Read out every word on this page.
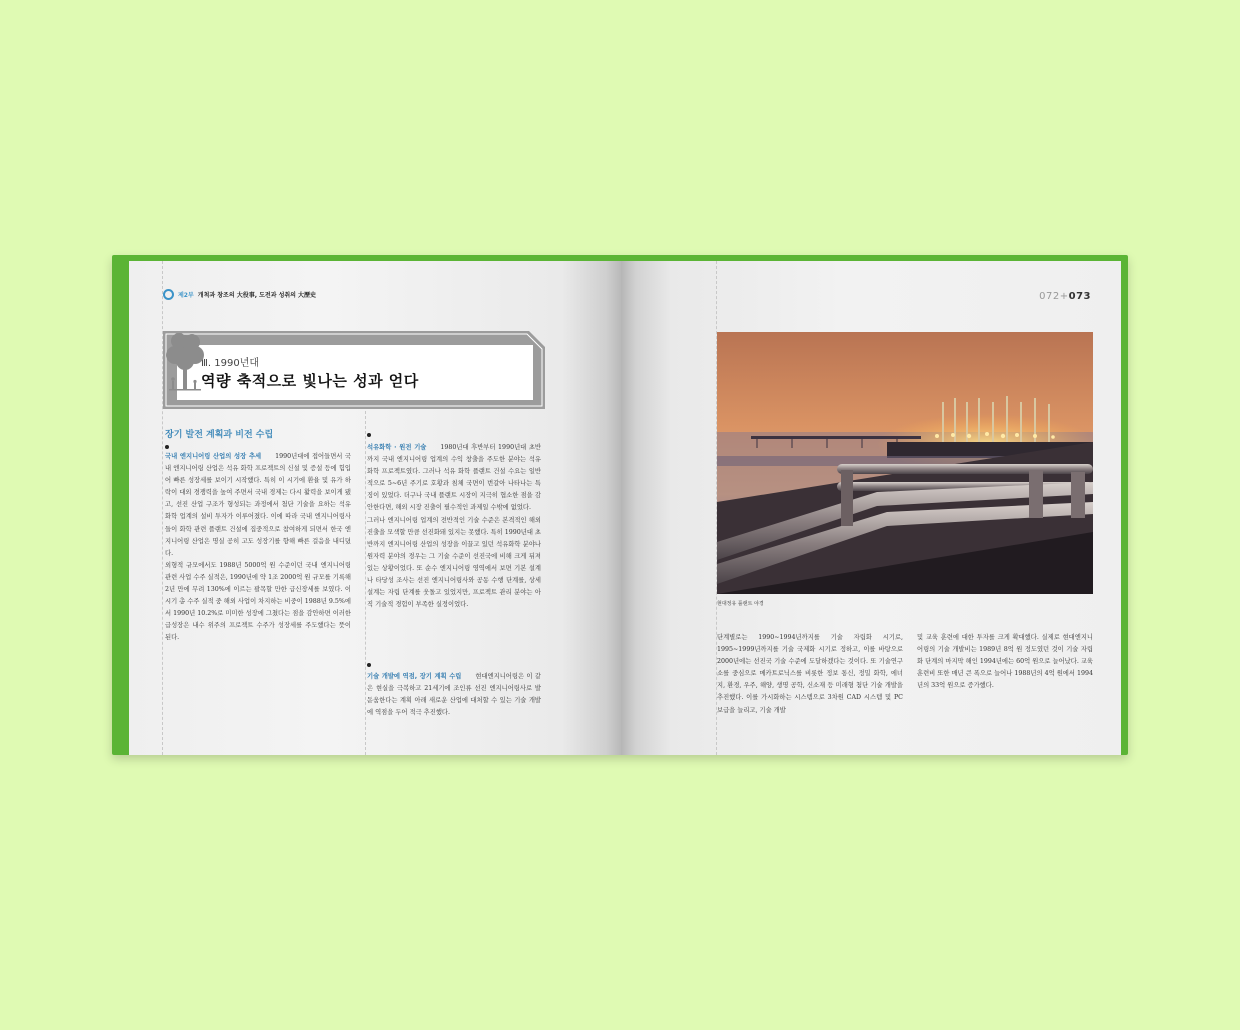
제2부 개척과 창조의 大役事, 도전과 성취의 大歷史
Ⅲ. 1990년대
역량 축적으로 빛나는 성과 얻다
장기 발전 계획과 비전 수립

국내 엔지니어링 산업의 성장 추세 1990년대에 접어들면서 국내 엔지니어링 산업은 석유 화학 프로젝트의 신설 및 증설 등에 힘입어 빠른 성장세를 보이기 시작했다. 특히 이 시기에 환율 및 유가 하락이 대외 경쟁력을 높여 주면서 국내 경제는 다시 활력을 보이게 됐고, 선진 산업 구조가 형성되는 과정에서 첨단 기술을 요하는 석유 화학 업계의 설비 투자가 이루어졌다. 이에 따라 국내 엔지니어링사들이 화학 관련 플랜트 건설에 집중적으로 참여하게 되면서 한국 엔지니어링 산업은 명실 공히 고도 성장기를 향해 빠른 걸음을 내디뎠다.

외형적 규모에서도 1988년 5000억 원 수준이던 국내 엔지니어링 관련 사업 수주 실적은, 1990년에 약 1조 2000억 원 규모를 기록해 2년 만에 무려 130%에 이르는 괄목할 만한 급신장세를 보였다. 이 시기 총 수주 실적 중 해외 사업이 차지하는 비중이 1988년 9.5%에서 1990년 10.2%로 미미한 성장에 그쳤다는 점을 감안하면 이러한 급성장은 내수 위주의 프로젝트 수주가 성장세를 주도했다는 뜻이 된다.

석유화학 · 원전 기술 1980년대 후반부터 1990년대 초반까지 국내 엔지니어링 업계의 수익 창출을 주도한 분야는 석유화학 프로젝트였다. 그러나 석유 화학 플랜트 건설 수요는 일반적으로 5~6년 주기로 호황과 침체 국면이 번갈아 나타나는 특징이 있었다. 더구나 국내 플랜트 시장이 지극히 협소한 점을 감안한다면, 해외 시장 진출이 필수적인 과제일 수밖에 없었다.

그러나 엔지니어링 업계의 전반적인 기술 수준은 본격적인 해외 진출을 모색할 만큼 선진화돼 있지는 못했다. 특히 1990년대 초반까지 엔지니어링 산업의 성장을 이끌고 있던 석유화학 분야나 원자력 분야의 경우는 그 기술 수준이 선진국에 비해 크게 뒤져 있는 상황이었다. 또 순수 엔지니어링 영역에서 보면 기본 설계나 타당성 조사는 선진 엔지니어링사와 공동 수행 단계를, 상세 설계는 자립 단계를 웃돌고 있었지만, 프로젝트 관리 분야는 아직 기술적 경험이 부족한 실정이었다.

기술 개발에 역점, 장기 계획 수립 현대엔지니어링은 이 같은 현실을 극복하고 21세기에 조인류 선진 엔지니어링사로 발돋움한다는 계획 아래 새로운 산업에 대처할 수 있는 기술 개발에 역점을 두어 적극 추진했다.

072+073
현대정유 플랜트 야경

단계별로는 1990~1994년까지를 기술 자립화 시기로, 1995~1999년까지를 기술 국제화 시기로 정하고, 이를 바탕으로 2000년에는 선진국 기술 수준에 도달하겠다는 것이다. 또 기술연구소를 중심으로 메카트로닉스를 비롯한 정보 통신, 정밀 화학, 에너지, 환경, 우주, 해양, 생명 공학, 신소재 등 미래형 첨단 기술 개발을 추진했다. 이를 가시화하는 시스템으로 3차원 CAD 시스템 및 PC 보급을 늘리고, 기술 개발

및 교육 훈련에 대한 투자를 크게 확대했다. 실제로 현대엔지니어링의 기술 개발비는 1989년 8억 원 정도였던 것이 기술 자립화 단계의 마지막 해인 1994년에는 60억 원으로 늘어났다. 교육 훈련비 또한 매년 큰 폭으로 늘어나 1988년의 4억 원에서 1994년의 33억 원으로 증가했다.
